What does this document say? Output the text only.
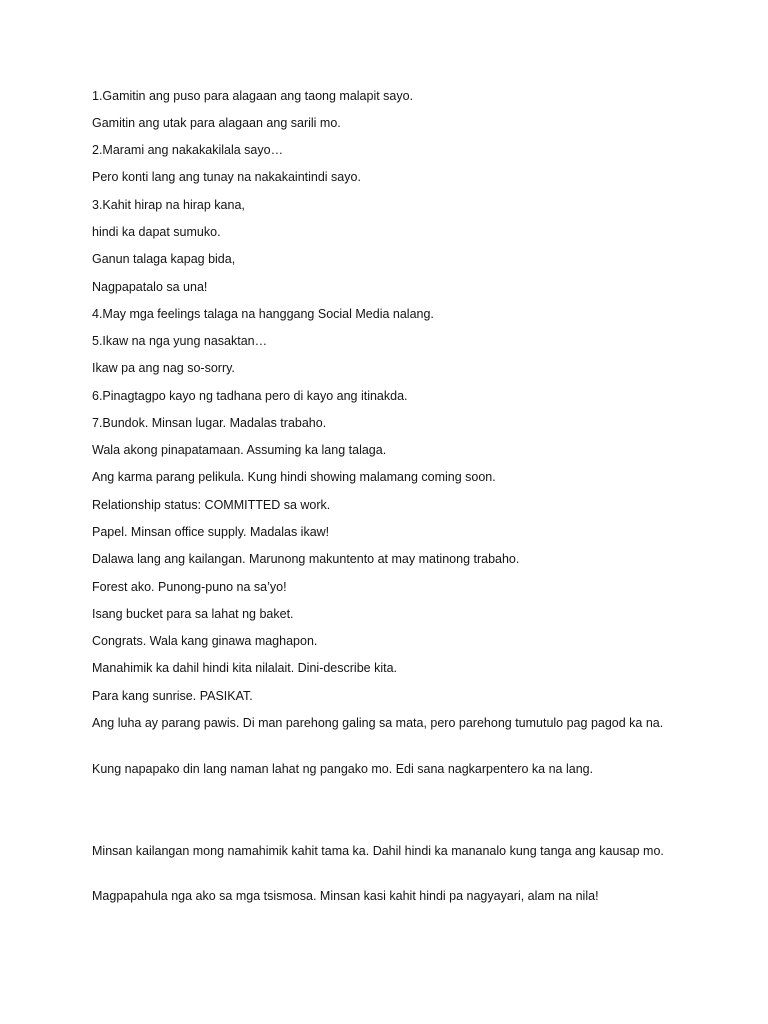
1.Gamitin ang puso para alagaan ang taong malapit sayo.
Gamitin ang utak para alagaan ang sarili mo.
2.Marami ang nakakakilala sayo…
Pero konti lang ang tunay na nakakaintindi sayo.
3.Kahit hirap na hirap kana,
hindi ka dapat sumuko.
Ganun talaga kapag bida,
Nagpapatalo sa una!
4.May mga feelings talaga na hanggang Social Media nalang.
5.Ikaw na nga yung nasaktan…
Ikaw pa ang nag so-sorry.
6.Pinagtagpo kayo ng tadhana pero di kayo ang itinakda.
7.Bundok. Minsan lugar. Madalas trabaho.
Wala akong pinapatamaan. Assuming ka lang talaga.
Ang karma parang pelikula. Kung hindi showing malamang coming soon.
Relationship status: COMMITTED sa work.
Papel. Minsan office supply. Madalas ikaw!
Dalawa lang ang kailangan. Marunong makuntento at may matinong trabaho.
Forest ako. Punong-puno na sa’yo!
Isang bucket para sa lahat ng baket.
Congrats. Wala kang ginawa maghapon.
Manahimik ka dahil hindi kita nilalait. Dini-describe kita.
Para kang sunrise. PASIKAT.
Ang luha ay parang pawis. Di man parehong galing sa mata, pero parehong tumutulo pag pagod ka na.
Kung napapako din lang naman lahat ng pangako mo. Edi sana nagkarpentero ka na lang.
Minsan kailangan mong namahimik kahit tama ka. Dahil hindi ka mananalo kung tanga ang kausap mo.
Magpapahula nga ako sa mga tsismosa. Minsan kasi kahit hindi pa nagyayari, alam na nila!
